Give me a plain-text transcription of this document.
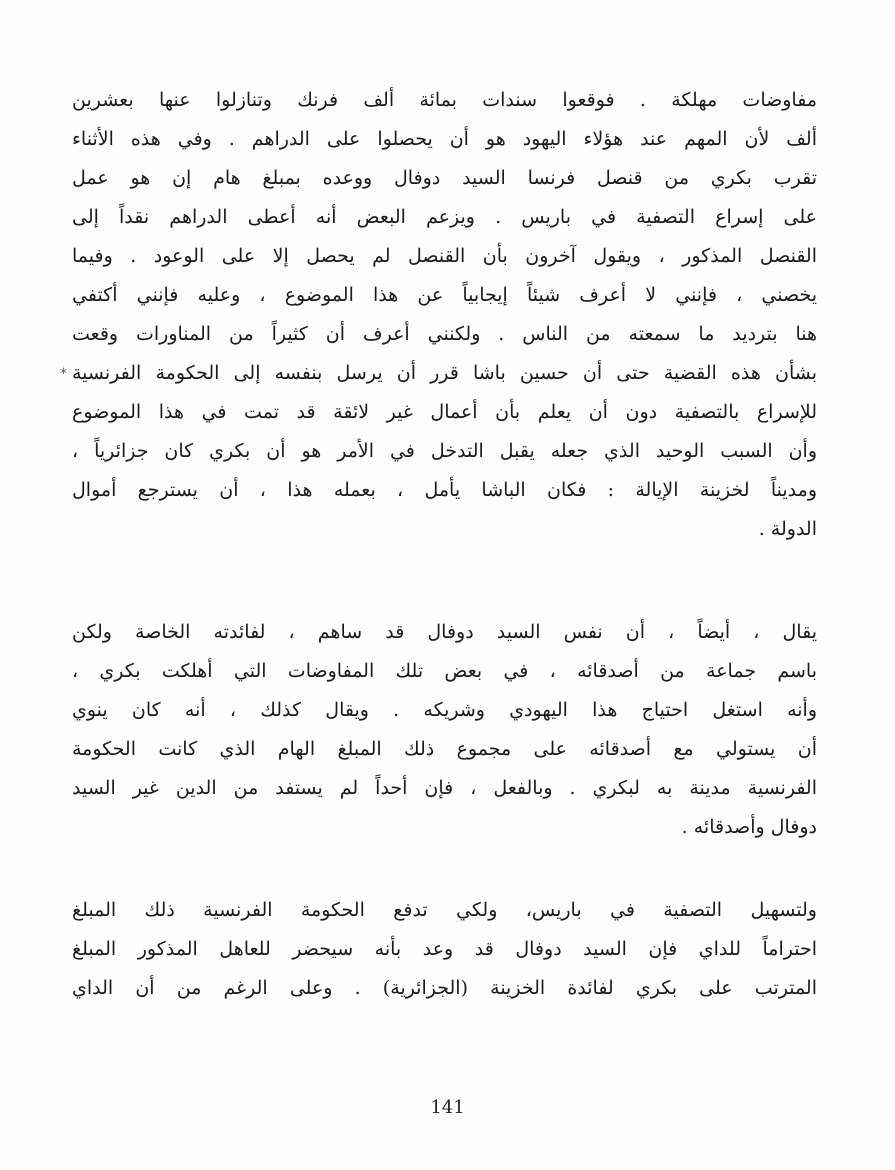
مفاوضات مهلكة . فوقعوا سندات بمائة ألف فرنك وتنازلوا عنها بعشرين
ألف لأن المهم عند هؤلاء اليهود هو أن يحصلوا على الدراهم . وفي هذه الأثناء
تقرب بكري من قنصل فرنسا السيد دوفال ووعده بمبلغ هام إن هو عمل
على إسراع التصفية في باريس . ويزعم البعض أنه أعطى الدراهم نقداً إلى
القنصل المذكور ، ويقول آخرون بأن القنصل لم يحصل إلا على الوعود . وفيما
يخصني ، فإنني لا أعرف شيئاً إيجابياً عن هذا الموضوع ، وعليه فإنني أكتفي
هنا بترديد ما سمعته من الناس . ولكنني أعرف أن كثيراً من المناورات وقعت
بشأن هذه القضية حتى أن حسين باشا قرر أن يرسل بنفسه إلى الحكومة الفرنسية
للإسراع بالتصفية دون أن يعلم بأن أعمال غير لائقة قد تمت في هذا الموضوع
وأن السبب الوحيد الذي جعله يقبل التدخل في الأمر هو أن بكري كان جزائرياً ،
ومديناً لخزينة الإيالة : فكان الباشا يأمل ، بعمله هذا ، أن يسترجع أموال
الدولة .
*
يقال ، أيضاً ، أن نفس السيد دوفال قد ساهم ، لفائدته الخاصة ولكن
باسم جماعة من أصدقائه ، في بعض تلك المفاوضات التي أهلكت بكري ،
وأنه استغل احتياج هذا اليهودي وشريكه . ويقال كذلك ، أنه كان ينوي
أن يستولي مع أصدقائه على مجموع ذلك المبلغ الهام الذي كانت الحكومة
الفرنسية مدينة به لبكري . وبالفعل ، فإن أحداً لم يستفد من الدين غير السيد
دوفال وأصدقائه .
ولتسهيل التصفية في باريس، ولكي تدفع الحكومة الفرنسية ذلك المبلغ
احتراماً للداي فإن السيد دوفال قد وعد بأنه سيحضر للعاهل المذكور المبلغ
المترتب على بكري لفائدة الخزينة (الجزائرية) . وعلى الرغم من أن الداي
141
